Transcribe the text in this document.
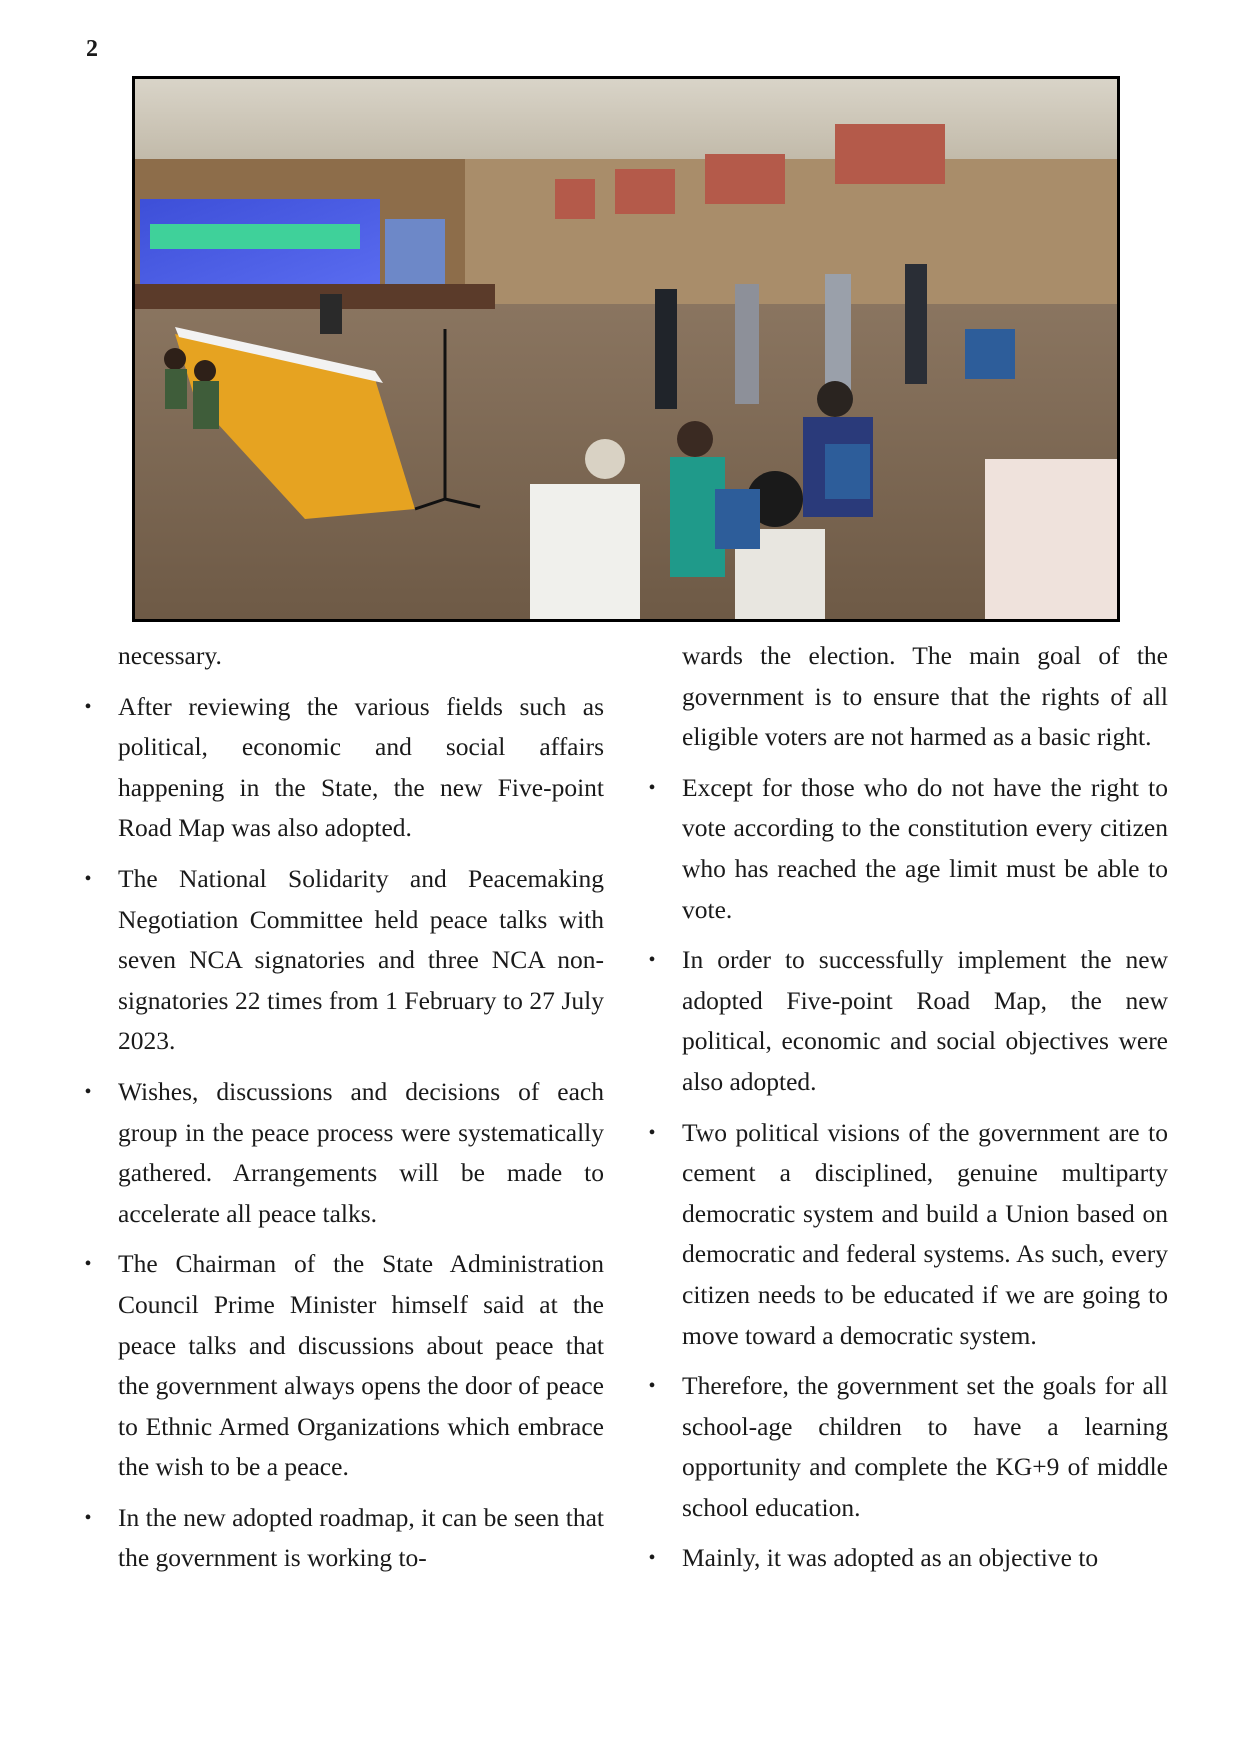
2

necessary.

• After reviewing the various fields such as political, economic and social affairs happening in the State, the new Five-point Road Map was also adopted.
• The National Solidarity and Peacemaking Negotiation Committee held peace talks with seven NCA signatories and three NCA non-signatories 22 times from 1 February to 27 July 2023.
• Wishes, discussions and decisions of each group in the peace process were systematically gathered. Arrangements will be made to accelerate all peace talks.
• The Chairman of the State Administration Council Prime Minister himself said at the peace talks and discussions about peace that the government always opens the door of peace to Ethnic Armed Organizations which embrace the wish to be a peace.
• In the new adopted roadmap, it can be seen that the government is working to-

wards the election. The main goal of the government is to ensure that the rights of all eligible voters are not harmed as a basic right.

• Except for those who do not have the right to vote according to the constitution every citizen who has reached the age limit must be able to vote.
• In order to successfully implement the new adopted Five-point Road Map, the new political, economic and social objectives were also adopted.
• Two political visions of the government are to cement a disciplined, genuine multiparty democratic system and build a Union based on democratic and federal systems. As such, every citizen needs to be educated if we are going to move toward a democratic system.
• Therefore, the government set the goals for all school-age children to have a learning opportunity and complete the KG+9 of middle school education.
• Mainly, it was adopted as an objective to
